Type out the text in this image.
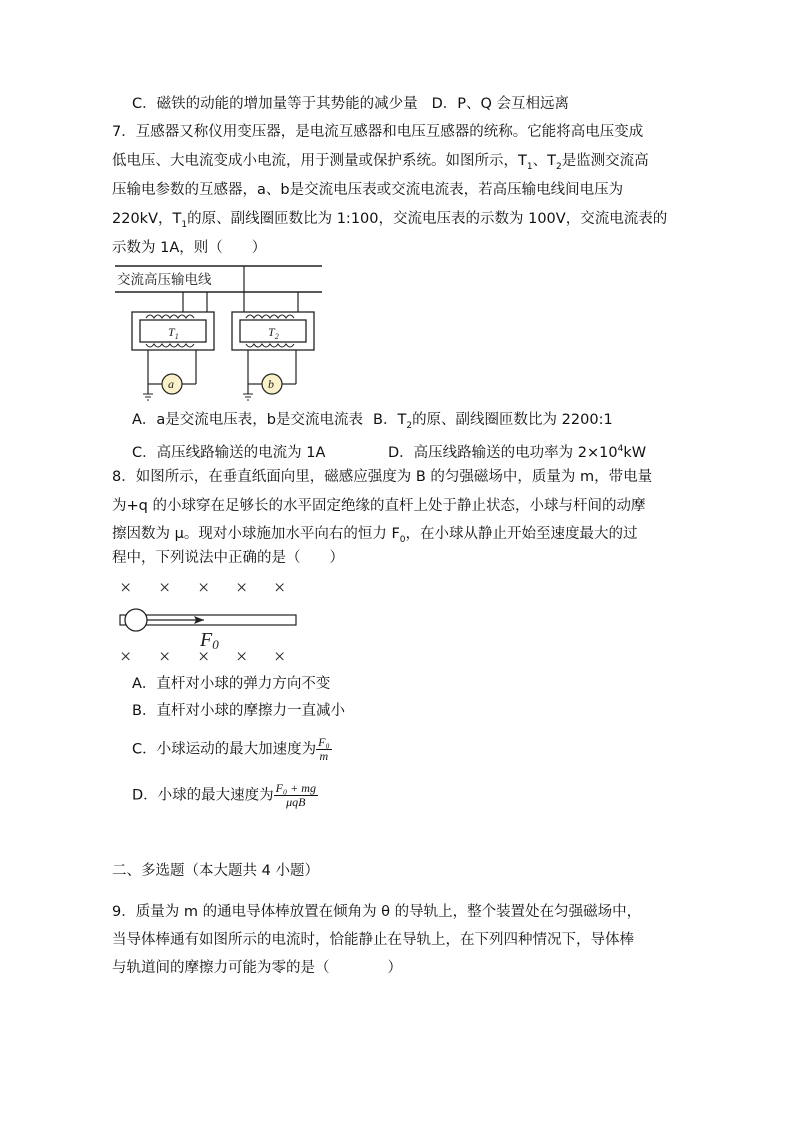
C．磁铁的动能的增加量等于其势能的减少量 D．P、Q 会互相远离
7．互感器又称仪用变压器，是电流互感器和电压互感器的统称。它能将高电压变成
低电压、大电流变成小电流，用于测量或保护系统。如图所示，$T_1$、$T_2$是监测交流高
压输电参数的互感器，a、b是交流电压表或交流电流表，若高压输电线间电压为
220kV，$T_1$的原、副线圈匝数比为 1:100，交流电压表的示数为 100V，交流电流表的
示数为 1A，则（　　）
交流高压输电线
$T_1$	$T_2$
a	b
A．a是交流电压表，b是交流电流表 B．$T_2$的原、副线圈匝数比为 2200:1
C．高压线路输送的电流为 1A	D．高压线路输送的电功率为 $2\times 10^4kW$
8．如图所示，在垂直纸面向里，磁感应强度为 B 的匀强磁场中，质量为 m，带电量
为+q 的小球穿在足够长的水平固定绝缘的直杆上处于静止状态，小球与杆间的动摩
擦因数为 μ。现对小球施加水平向右的恒力 $F_0$，在小球从静止开始至速度最大的过
程中，下列说法中正确的是（　　）
× × × × ×
F0
× × × × ×
A．直杆对小球的弹力方向不变
B．直杆对小球的摩擦力一直减小
C．小球运动的最大加速度为 $\frac{\text{F₀}}{m}$
D．小球的最大速度为 $\frac{\text{F₀ + mg}}{\text{μqB}}$
二、多选题（本大题共 4 小题）
9．质量为 m 的通电导体棒放置在倾角为 θ 的导轨上，整个装置处在匀强磁场中，
当导体棒通有如图所示的电流时，恰能静止在导轨上，在下列四种情况下，导体棒
与轨道间的摩擦力可能为零的是（　　　　）
